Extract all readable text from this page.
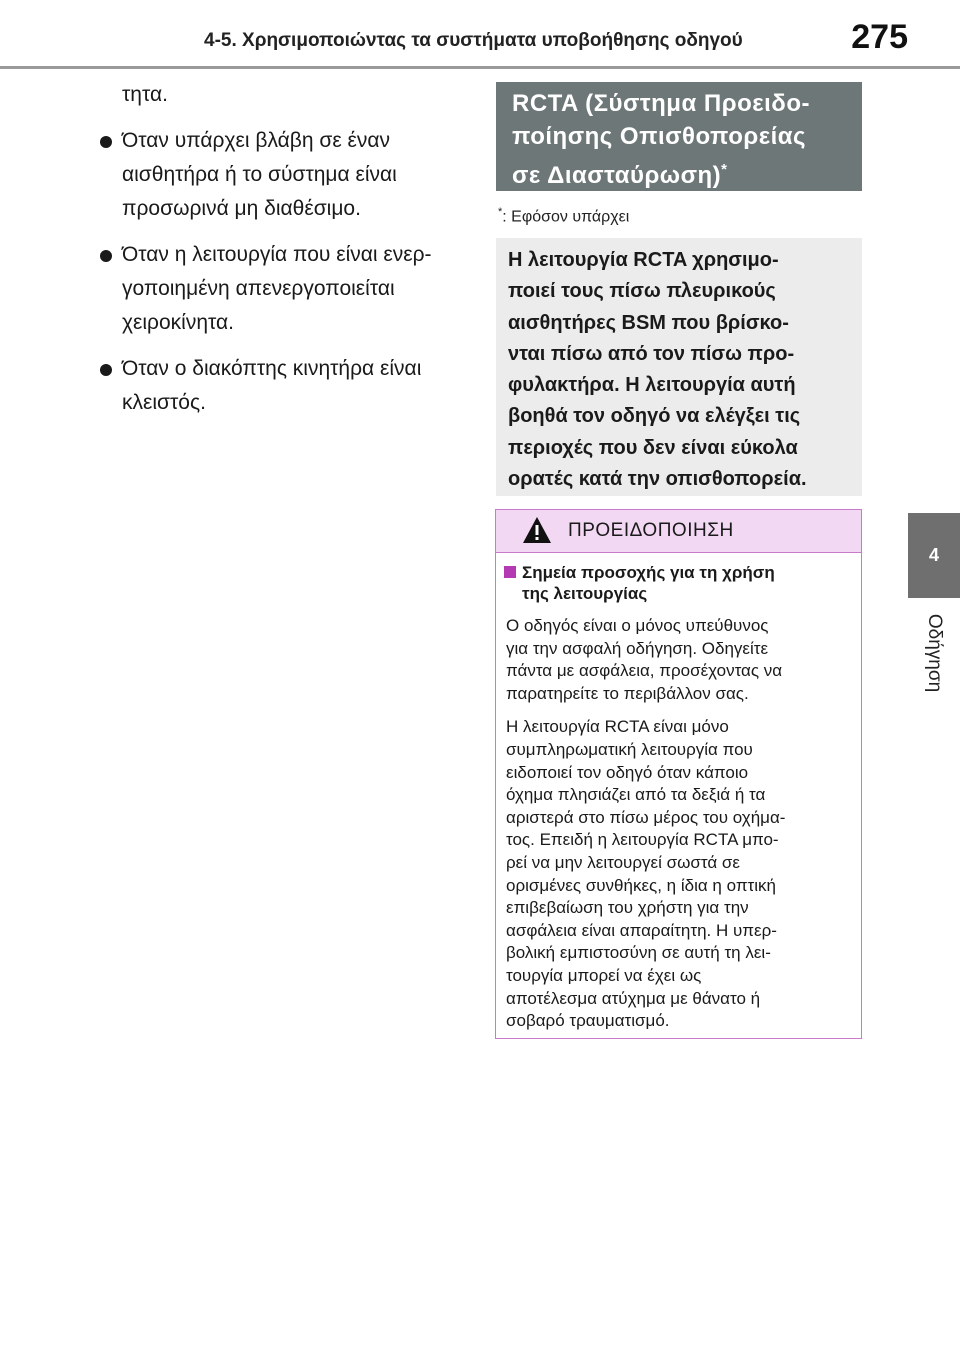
4-5. Χρησιμοποιώντας τα συστήματα υποβοήθησης οδηγού	275
4
Οδήγηση
τητα.
Όταν υπάρχει βλάβη σε έναν
αισθητήρα ή το σύστημα είναι
προσωρινά μη διαθέσιμο.
Όταν η λειτουργία που είναι ενερ-
γοποιημένη απενεργοποιείται
χειροκίνητα.
Όταν ο διακόπτης κινητήρα είναι
κλειστός.
RCTA (Σύστημα Προειδο-
ποίησης Οπισθοπορείας
σε Διασταύρωση)*
*: Εφόσον υπάρχει
Η λειτουργία RCTA χρησιμο-
ποιεί τους πίσω πλευρικούς
αισθητήρες BSM που βρίσκο-
νται πίσω από τον πίσω προ-
φυλακτήρα. Η λειτουργία αυτή
βοηθά τον οδηγό να ελέγξει τις
περιοχές που δεν είναι εύκολα
ορατές κατά την οπισθοπορεία.
ΠΡΟΕΙΔΟΠΟΙΗΣΗ
Σημεία προσοχής για τη χρήση
της λειτουργίας
Ο οδηγός είναι ο μόνος υπεύθυνος
για την ασφαλή οδήγηση. Οδηγείτε
πάντα με ασφάλεια, προσέχοντας να
παρατηρείτε το περιβάλλον σας.
Η λειτουργία RCTA είναι μόνο
συμπληρωματική λειτουργία που
ειδοποιεί τον οδηγό όταν κάποιο
όχημα πλησιάζει από τα δεξιά ή τα
αριστερά στο πίσω μέρος του οχήμα-
τος. Επειδή η λειτουργία RCTA μπο-
ρεί να μην λειτουργεί σωστά σε
ορισμένες συνθήκες, η ίδια η οπτική
επιβεβαίωση του χρήστη για την
ασφάλεια είναι απαραίτητη. Η υπερ-
βολική εμπιστοσύνη σε αυτή τη λει-
τουργία μπορεί να έχει ως
αποτέλεσμα ατύχημα με θάνατο ή
σοβαρό τραυματισμό.
